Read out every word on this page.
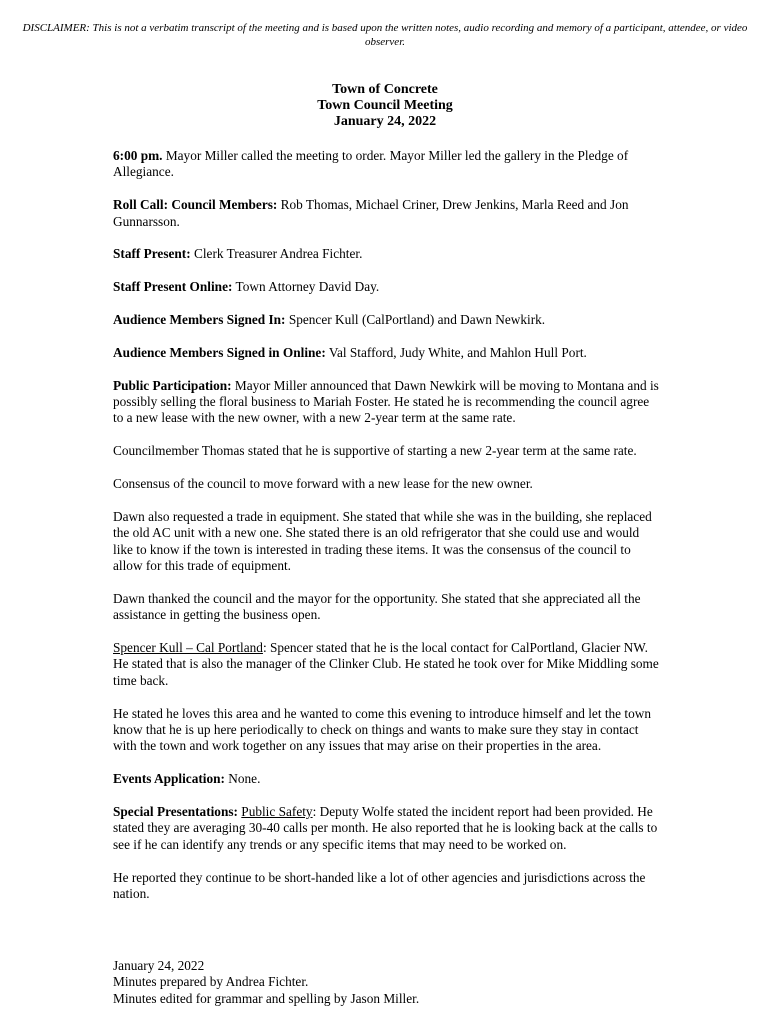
DISCLAIMER: This is not a verbatim transcript of the meeting and is based upon the written notes, audio recording and memory of a participant, attendee, or video observer.
Town of Concrete
Town Council Meeting
January 24, 2022

6:00 pm. Mayor Miller called the meeting to order. Mayor Miller led the gallery in the Pledge of Allegiance.

Roll Call: Council Members: Rob Thomas, Michael Criner, Drew Jenkins, Marla Reed and Jon Gunnarsson.

Staff Present: Clerk Treasurer Andrea Fichter.

Staff Present Online: Town Attorney David Day.

Audience Members Signed In: Spencer Kull (CalPortland) and Dawn Newkirk.

Audience Members Signed in Online: Val Stafford, Judy White, and Mahlon Hull Port.

Public Participation: Mayor Miller announced that Dawn Newkirk will be moving to Montana and is possibly selling the floral business to Mariah Foster. He stated he is recommending the council agree to a new lease with the new owner, with a new 2-year term at the same rate.

Councilmember Thomas stated that he is supportive of starting a new 2-year term at the same rate.

Consensus of the council to move forward with a new lease for the new owner.

Dawn also requested a trade in equipment. She stated that while she was in the building, she replaced the old AC unit with a new one. She stated there is an old refrigerator that she could use and would like to know if the town is interested in trading these items. It was the consensus of the council to allow for this trade of equipment.

Dawn thanked the council and the mayor for the opportunity. She stated that she appreciated all the assistance in getting the business open.

Spencer Kull – Cal Portland: Spencer stated that he is the local contact for CalPortland, Glacier NW. He stated that is also the manager of the Clinker Club. He stated he took over for Mike Middling some time back.

He stated he loves this area and he wanted to come this evening to introduce himself and let the town know that he is up here periodically to check on things and wants to make sure they stay in contact with the town and work together on any issues that may arise on their properties in the area.

Events Application: None.

Special Presentations: Public Safety: Deputy Wolfe stated the incident report had been provided. He stated they are averaging 30-40 calls per month. He also reported that he is looking back at the calls to see if he can identify any trends or any specific items that may need to be worked on.

He reported they continue to be short-handed like a lot of other agencies and jurisdictions across the nation.

January 24, 2022
Minutes prepared by Andrea Fichter.
Minutes edited for grammar and spelling by Jason Miller.
